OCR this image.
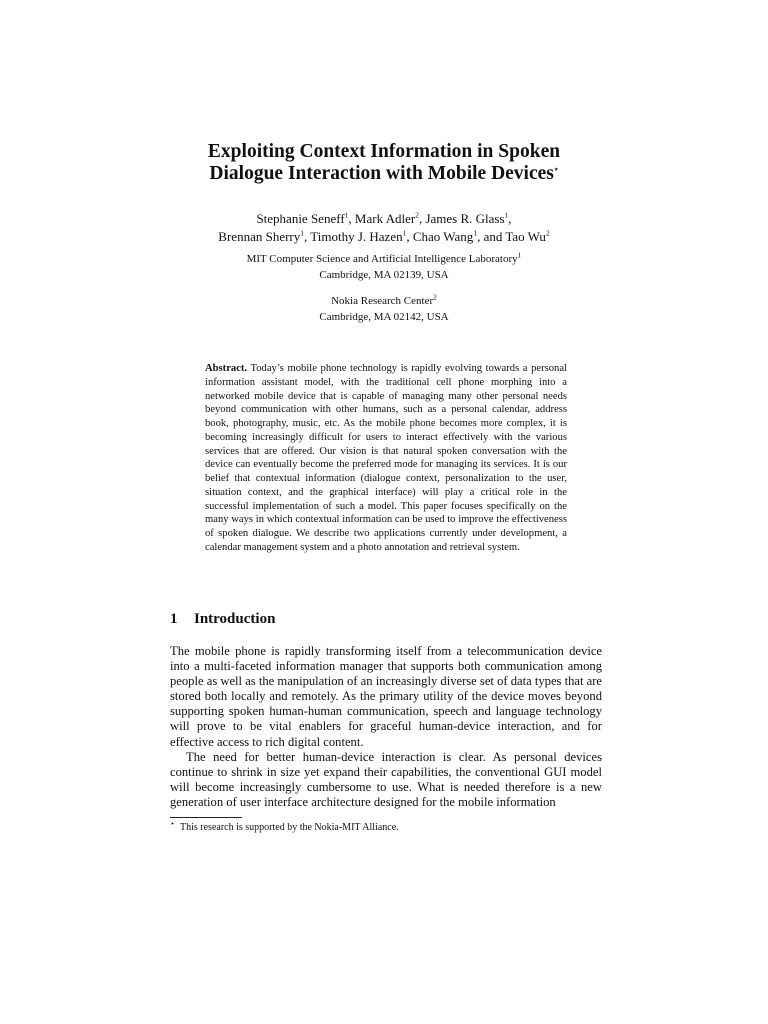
Exploiting Context Information in Spoken
Dialogue Interaction with Mobile Devices⋆
Stephanie Seneff$^1$, Mark Adler$^2$, James R. Glass$^1$,
Brennan Sherry$^1$, Timothy J. Hazen$^1$, Chao Wang$^1$, and Tao Wu$^2$
MIT Computer Science and Artificial Intelligence Laboratory$^1$
Cambridge, MA 02139, USA
Nokia Research Center$^2$
Cambridge, MA 02142, USA
Abstract. Today’s mobile phone technology is rapidly evolving towards a personal information assistant model, with the traditional cell phone morphing into a networked mobile device that is capable of managing many other personal needs beyond communication with other humans, such as a personal calendar, address book, photography, music, etc. As the mobile phone becomes more complex, it is becoming increasingly difficult for users to interact effectively with the various services that are offered. Our vision is that natural spoken conversation with the device can eventually become the preferred mode for managing its services. It is our belief that contextual information (dialogue context, personalization to the user, situation context, and the graphical interface) will play a critical role in the successful implementation of such a model. This paper focuses specifically on the many ways in which contextual information can be used to improve the effectiveness of spoken dialogue. We describe two applications currently under development, a calendar management system and a photo annotation and retrieval system.
1 Introduction

The mobile phone is rapidly transforming itself from a telecommunication device into a multi-faceted information manager that supports both communication among people as well as the manipulation of an increasingly diverse set of data types that are stored both locally and remotely. As the primary utility of the device moves beyond supporting spoken human-human communication, speech and language technology will prove to be vital enablers for graceful human-device interaction, and for effective access to rich digital content.

The need for better human-device interaction is clear. As personal devices continue to shrink in size yet expand their capabilities, the conventional GUI model will become increasingly cumbersome to use. What is needed therefore is a new generation of user interface architecture designed for the mobile information

⋆ This research is supported by the Nokia-MIT Alliance.
